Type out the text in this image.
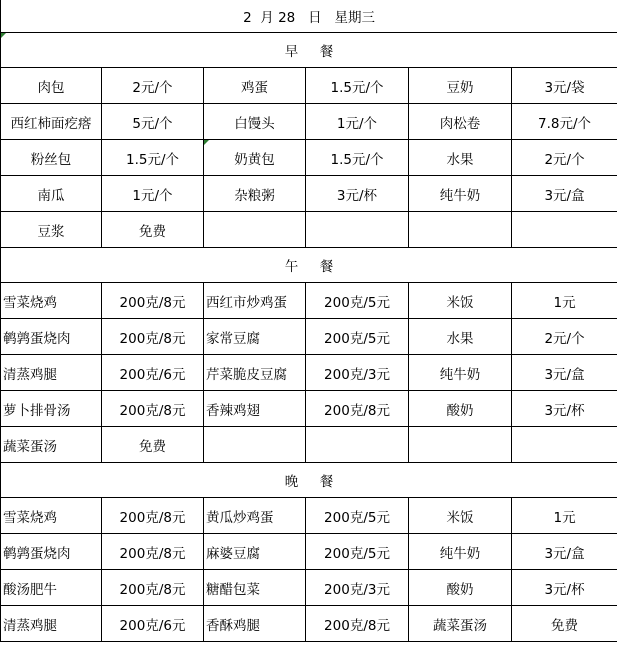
2 月 28 日 星期三					

早 餐					
肉包	2元/个	鸡蛋	1.5元/个	豆奶	3元/袋
西红柿面疙瘩	5元/个	白馒头	1元/个	肉松卷	7.8元/个
粉丝包	1.5元/个	奶黄包	1.5元/个	水果	2元/个
南瓜	1元/个	杂粮粥	3元/杯	纯牛奶	3元/盒
豆浆	免费				
午 餐					
雪菜烧鸡	200克/8元	西红市炒鸡蛋	200克/5元	米饭	1元
鹌鹑蛋烧肉	200克/8元	家常豆腐	200克/5元	水果	2元/个
清蒸鸡腿	200克/6元	芹菜脆皮豆腐	200克/3元	纯牛奶	3元/盒
萝卜排骨汤	200克/8元	香辣鸡翅	200克/8元	酸奶	3元/杯
蔬菜蛋汤	免费				
晚 餐					
雪菜烧鸡	200克/8元	黄瓜炒鸡蛋	200克/5元	米饭	1元
鹌鹑蛋烧肉	200克/8元	麻婆豆腐	200克/5元	纯牛奶	3元/盒
酸汤肥牛	200克/8元	糖醋包菜	200克/3元	酸奶	3元/杯
清蒸鸡腿	200克/6元	香酥鸡腿	200克/8元	蔬菜蛋汤	免费
